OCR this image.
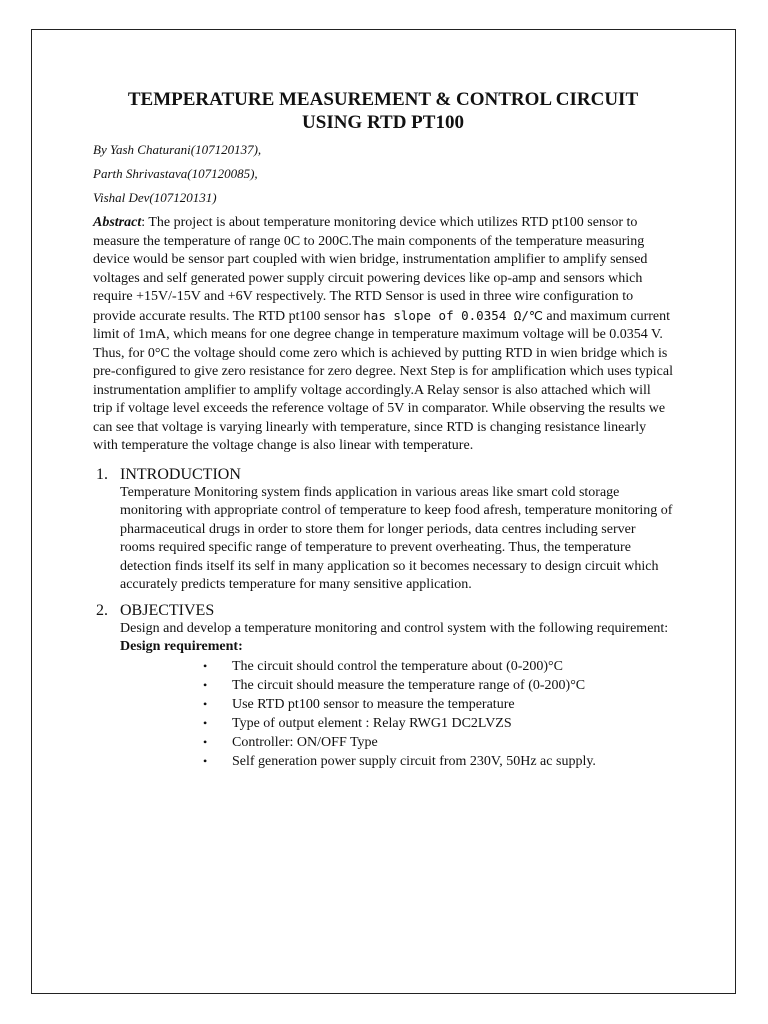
TEMPERATURE MEASUREMENT & CONTROL CIRCUIT
USING RTD PT100

By Yash Chaturani(107120137),

Parth Shrivastava(107120085),

Vishal Dev(107120131)

Abstract: The project is about temperature monitoring device which utilizes RTD pt100 sensor to measure the temperature of range 0C to 200C.The main components of the temperature measuring device would be sensor part coupled with wien bridge, instrumentation amplifier to amplify sensed voltages and self generated power supply circuit powering devices like op-amp and sensors which require +15V/-15V and +6V respectively. The RTD Sensor is used in three wire configuration to provide accurate results. The RTD pt100 sensor has slope of 0.0354 Ω/℃ and maximum current limit of 1mA, which means for one degree change in temperature maximum voltage will be 0.0354 V. Thus, for 0°C the voltage should come zero which is achieved by putting RTD in wien bridge which is pre-configured to give zero resistance for zero degree. Next Step is for amplification which uses typical instrumentation amplifier to amplify voltage accordingly.A Relay sensor is also attached which will trip if voltage level exceeds the reference voltage of 5V in comparator. While observing the results we can see that voltage is varying linearly with temperature, since RTD is changing resistance linearly with temperature the voltage change is also linear with temperature.

1. INTRODUCTION

Temperature Monitoring system finds application in various areas like smart cold storage monitoring with appropriate control of temperature to keep food afresh, temperature monitoring of pharmaceutical drugs in order to store them for longer periods, data centres including server rooms required specific range of temperature to prevent overheating. Thus, the temperature detection finds itself its self in many application so it becomes necessary to design circuit which accurately predicts temperature for many sensitive application.

2. OBJECTIVES

Design and develop a temperature monitoring and control system with the following requirement:
Design requirement:
• The circuit should control the temperature about (0-200)°C
• The circuit should measure the temperature range of (0-200)°C
• Use RTD pt100 sensor to measure the temperature
• Type of output element : Relay RWG1 DC2LVZS
• Controller: ON/OFF Type
• Self generation power supply circuit from 230V, 50Hz ac supply.
